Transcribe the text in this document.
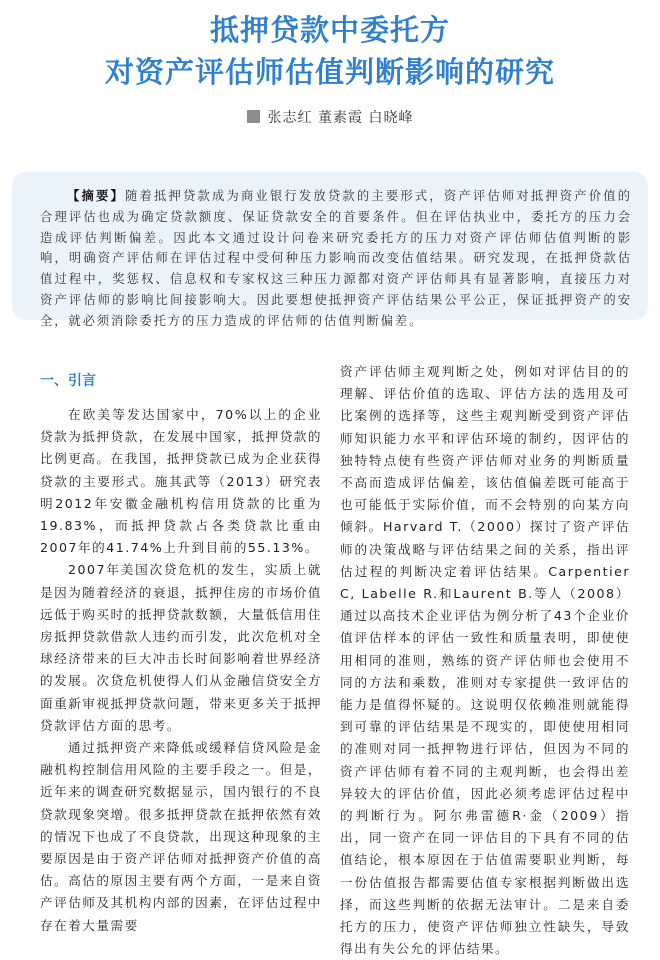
抵押贷款中委托方
对资产评估师估值判断影响的研究
张志红 董素霞 白晓峰

【摘要】随着抵押贷款成为商业银行发放贷款的主要形式，资产评估师对抵押资产价值的合理评估也成为确定贷款额度、保证贷款安全的首要条件。但在评估执业中，委托方的压力会造成评估判断偏差。因此本文通过设计问卷来研究委托方的压力对资产评估师估值判断的影响，明确资产评估师在评估过程中受何种压力影响而改变估值结果。研究发现，在抵押贷款估值过程中，奖惩权、信息权和专家权这三种压力源都对资产评估师具有显著影响，直接压力对资产评估师的影响比间接影响大。因此要想使抵押资产评估结果公平公正，保证抵押资产的安全，就必须消除委托方的压力造成的评估师的估值判断偏差。

一、引言

在欧美等发达国家中，70%以上的企业贷款为抵押贷款，在发展中国家，抵押贷款的比例更高。在我国，抵押贷款已成为企业获得贷款的主要形式。施其武等（2013）研究表明2012年安徽金融机构信用贷款的比重为19.83%，而抵押贷款占各类贷款比重由2007年的41.74%上升到目前的55.13%。

2007年美国次贷危机的发生，实质上就是因为随着经济的衰退，抵押住房的市场价值远低于购买时的抵押贷款数额，大量低信用住房抵押贷款借款人违约而引发，此次危机对全球经济带来的巨大冲击长时间影响着世界经济的发展。次贷危机使得人们从金融信贷安全方面重新审视抵押贷款问题，带来更多关于抵押贷款评估方面的思考。

通过抵押资产来降低或缓释信贷风险是金融机构控制信用风险的主要手段之一。但是，近年来的调查研究数据显示，国内银行的不良贷款现象突增。很多抵押贷款在抵押依然有效的情况下也成了不良贷款，出现这种现象的主要原因是由于资产评估师对抵押资产价值的高估。高估的原因主要有两个方面，一是来自资产评估师及其机构内部的因素，在评估过程中存在着大量需要

资产评估师主观判断之处，例如对评估目的的理解、评估价值的选取、评估方法的选用及可比案例的选择等，这些主观判断受到资产评估师知识能力水平和评估环境的制约，因评估的独特特点使有些资产评估师对业务的判断质量不高而造成评估偏差，该估值偏差既可能高于也可能低于实际价值，而不会特别的向某方向倾斜。Harvard T.（2000）探讨了资产评估师的决策战略与评估结果之间的关系，指出评估过程的判断决定着评估结果。Carpentier C, Labelle R.和Laurent B.等人（2008）通过以高技术企业评估为例分析了43个企业价值评估样本的评估一致性和质量表明，即使使用相同的准则，熟练的资产评估师也会使用不同的方法和乘数，准则对专家提供一致评估的能力是值得怀疑的。这说明仅依赖准则就能得到可靠的评估结果是不现实的，即使使用相同的准则对同一抵押物进行评估，但因为不同的资产评估师有着不同的主观判断，也会得出差异较大的评估价值，因此必须考虑评估过程中的判断行为。阿尔弗雷德R·金（2009）指出，同一资产在同一评估目的下具有不同的估值结论，根本原因在于估值需要职业判断，每一份估值报告都需要估值专家根据判断做出选择，而这些判断的依据无法审计。二是来自委托方的压力，使资产评估师独立性缺失，导致得出有失公允的评估结果。
